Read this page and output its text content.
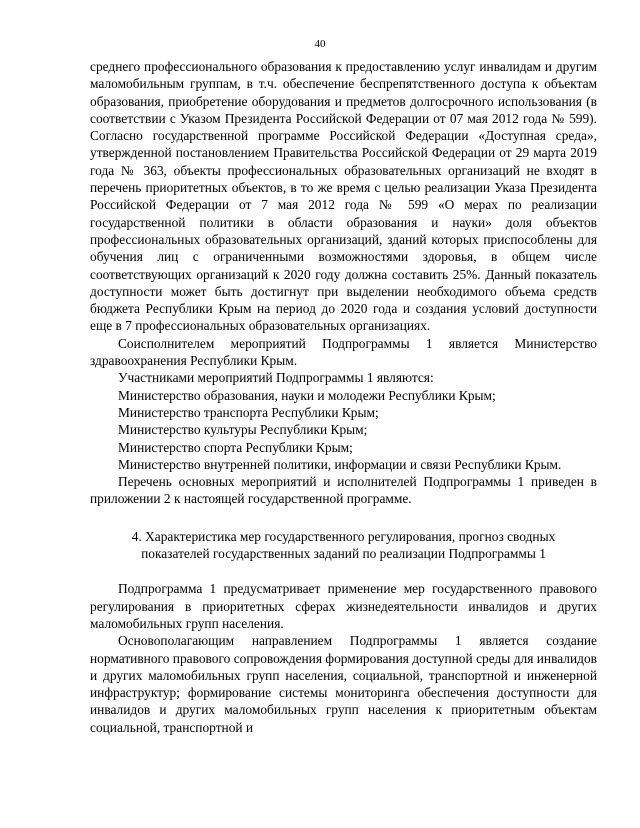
40

среднего профессионального образования к предоставлению услуг инвалидам и другим маломобильным группам, в т.ч. обеспечение беспрепятственного доступа к объектам образования, приобретение оборудования и предметов долгосрочного использования (в соответствии с Указом Президента Российской Федерации от 07 мая 2012 года № 599). Согласно государственной программе Российской Федерации «Доступная среда», утвержденной постановлением Правительства Российской Федерации от 29 марта 2019 года № 363, объекты профессиональных образовательных организаций не входят в перечень приоритетных объектов, в то же время с целью реализации Указа Президента Российской Федерации от 7 мая 2012 года № 599 «О мерах по реализации государственной политики в области образования и науки» доля объектов профессиональных образовательных организаций, зданий которых приспособлены для обучения лиц с ограниченными возможностями здоровья, в общем числе соответствующих организаций к 2020 году должна составить 25%. Данный показатель доступности может быть достигнут при выделении необходимого объема средств бюджета Республики Крым на период до 2020 года и создания условий доступности еще в 7 профессиональных образовательных организациях.

Соисполнителем мероприятий Подпрограммы 1 является Министерство здравоохранения Республики Крым.

Участниками мероприятий Подпрограммы 1 являются:

Министерство образования, науки и молодежи Республики Крым;

Министерство транспорта Республики Крым;

Министерство культуры Республики Крым;

Министерство спорта Республики Крым;

Министерство внутренней политики, информации и связи Республики Крым.

Перечень основных мероприятий и исполнителей Подпрограммы 1 приведен в приложении 2 к настоящей государственной программе.

4. Характеристика мер государственного регулирования, прогноз сводных показателей государственных заданий по реализации Подпрограммы 1

Подпрограмма 1 предусматривает применение мер государственного правового регулирования в приоритетных сферах жизнедеятельности инвалидов и других маломобильных групп населения.

Основополагающим направлением Подпрограммы 1 является создание нормативного правового сопровождения формирования доступной среды для инвалидов и других маломобильных групп населения, социальной, транспортной и инженерной инфраструктур; формирование системы мониторинга обеспечения доступности для инвалидов и других маломобильных групп населения к приоритетным объектам социальной, транспортной и
